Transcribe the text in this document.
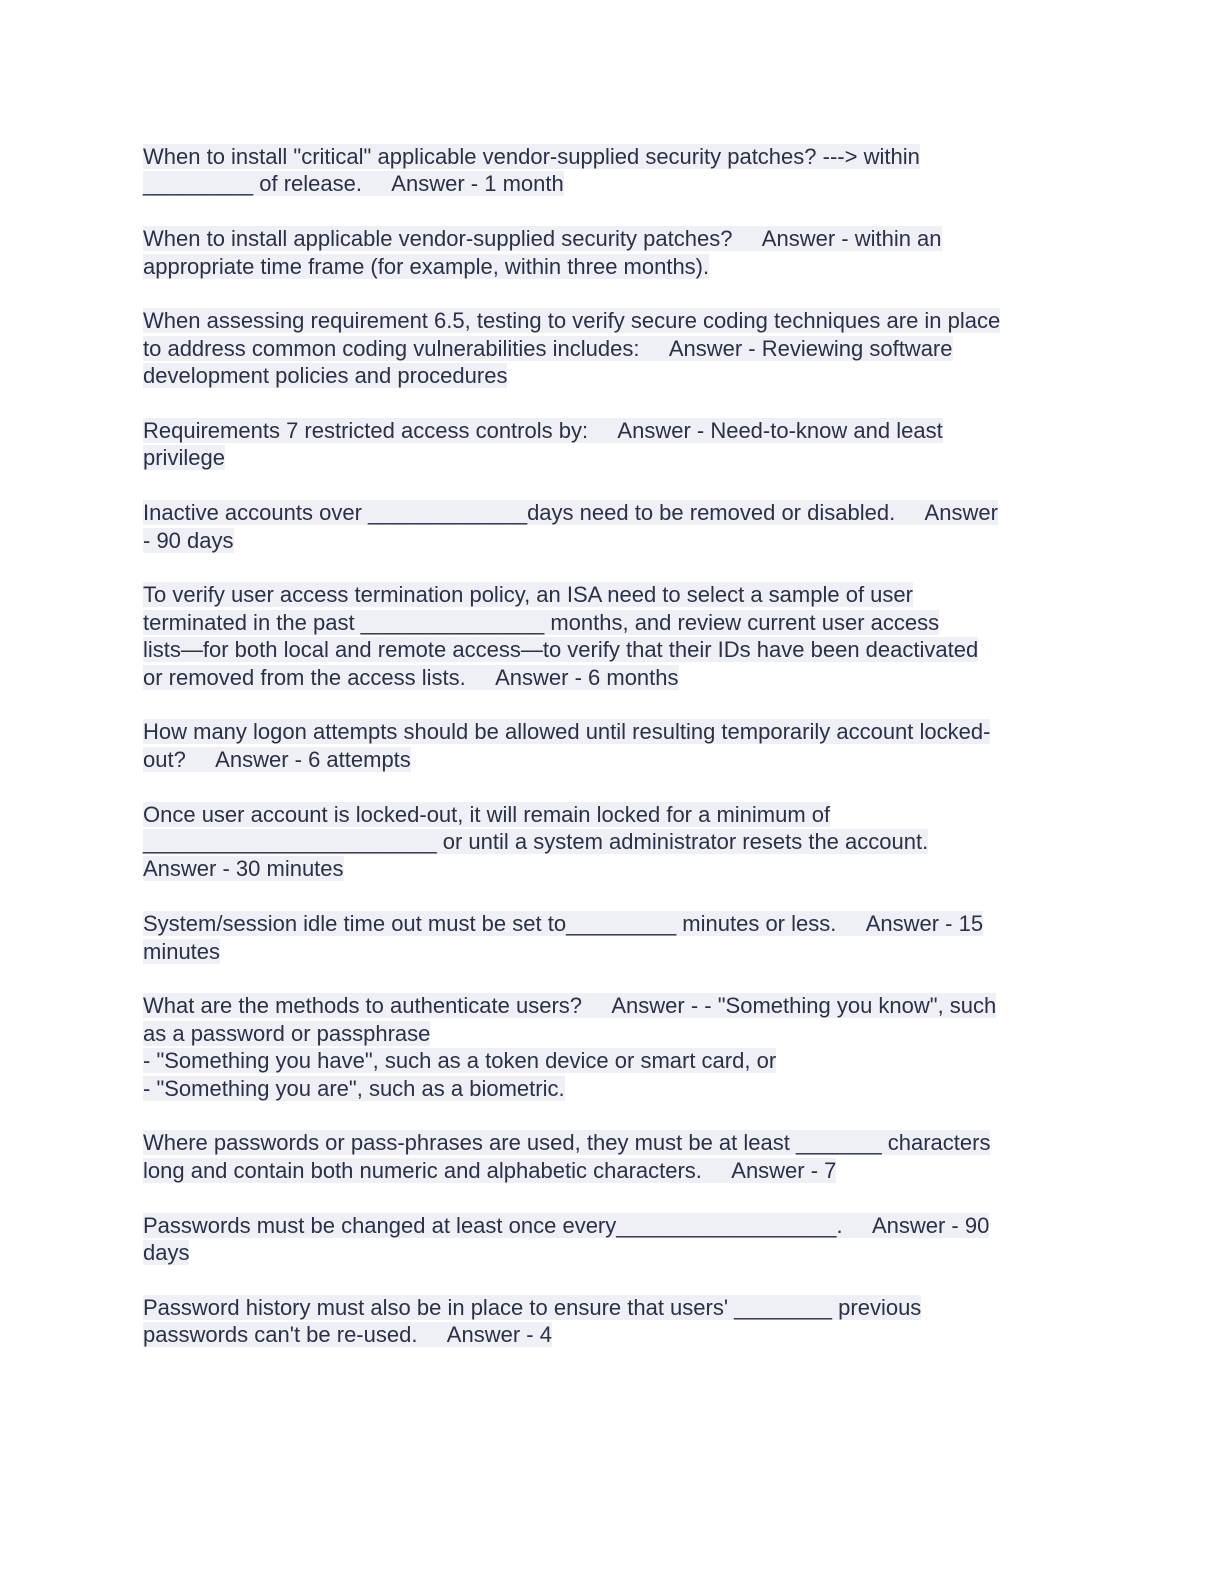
When to install "critical" applicable vendor-supplied security patches? ---> within
_________ of release.     Answer - 1 month
When to install applicable vendor-supplied security patches?     Answer - within an
appropriate time frame (for example, within three months).
When assessing requirement 6.5, testing to verify secure coding techniques are in place
to address common coding vulnerabilities includes:     Answer - Reviewing software
development policies and procedures
Requirements 7 restricted access controls by:     Answer - Need-to-know and least
privilege
Inactive accounts over _____________days need to be removed or disabled.     Answer
- 90 days
To verify user access termination policy, an ISA need to select a sample of user
terminated in the past _______________ months, and review current user access
lists—for both local and remote access—to verify that their IDs have been deactivated
or removed from the access lists.     Answer - 6 months
How many logon attempts should be allowed until resulting temporarily account locked-
out?     Answer - 6 attempts
Once user account is locked-out, it will remain locked for a minimum of
________________________ or until a system administrator resets the account.
Answer - 30 minutes
System/session idle time out must be set to_________ minutes or less.     Answer - 15
minutes
What are the methods to authenticate users?     Answer - - "Something you know", such
as a password or passphrase
- "Something you have", such as a token device or smart card, or
- "Something you are", such as a biometric.
Where passwords or pass-phrases are used, they must be at least _______ characters
long and contain both numeric and alphabetic characters.     Answer - 7
Passwords must be changed at least once every__________________.     Answer - 90
days
Password history must also be in place to ensure that users' ________ previous
passwords can't be re-used.     Answer - 4
